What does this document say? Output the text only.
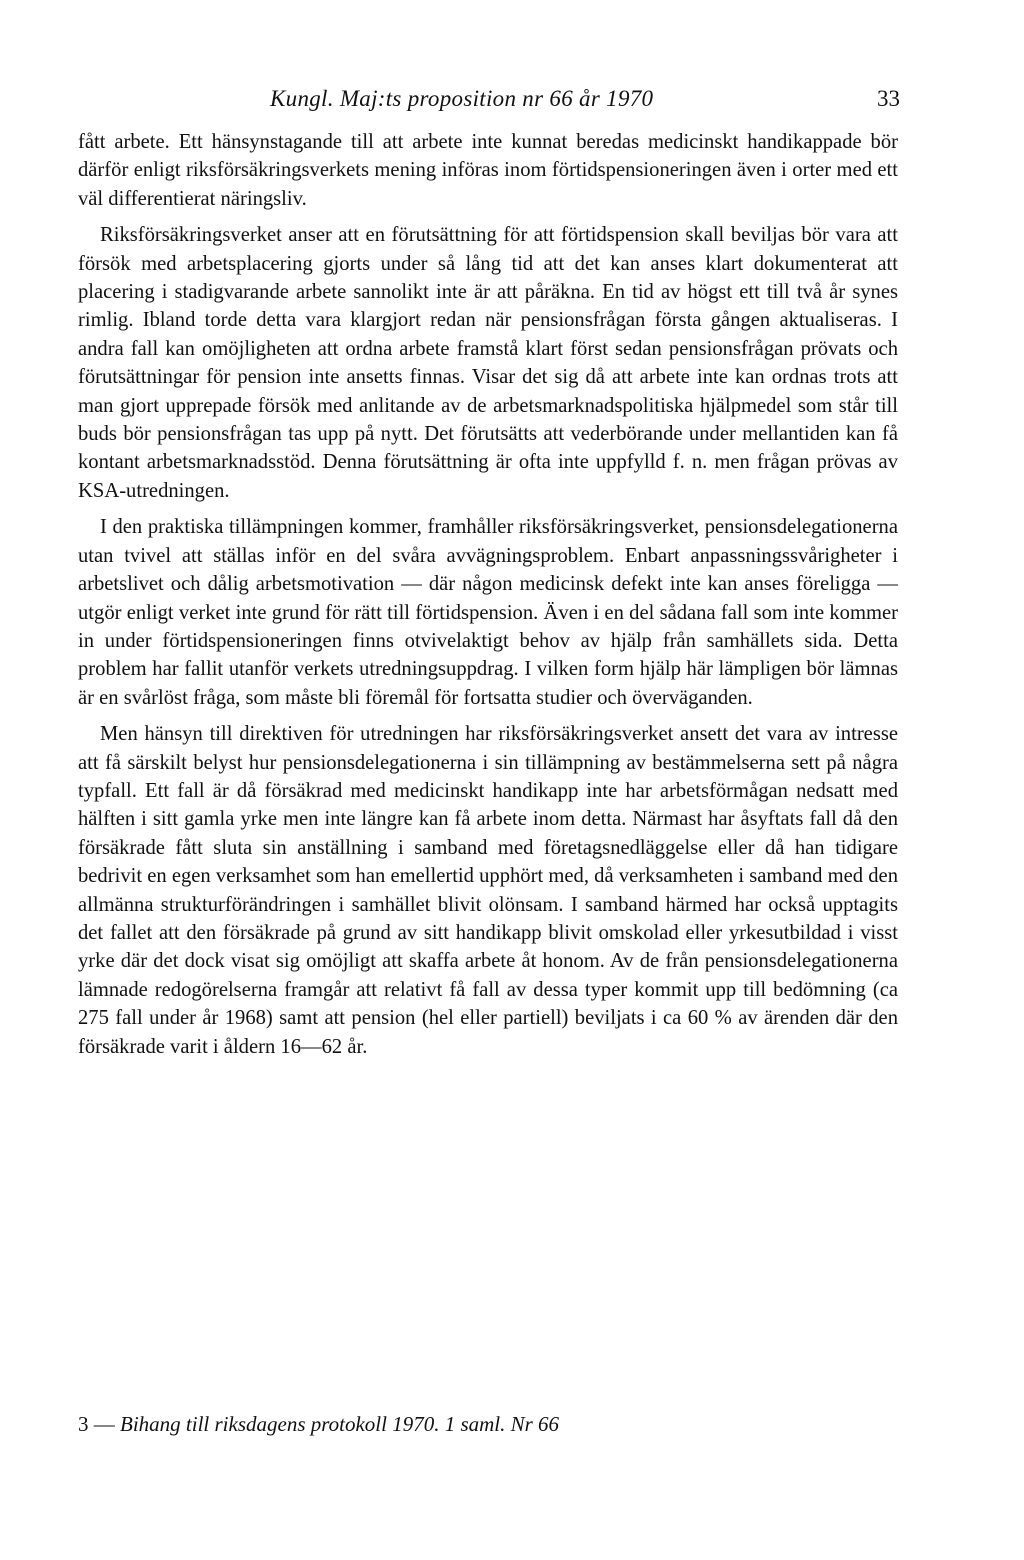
Kungl. Maj:ts proposition nr 66 år 1970	33

fått arbete. Ett hänsynstagande till att arbete inte kunnat beredas medicinskt handikappade bör därför enligt riksförsäkringsverkets mening införas inom förtidspensioneringen även i orter med ett väl differentierat näringsliv.

Riksförsäkringsverket anser att en förutsättning för att förtidspension skall beviljas bör vara att försök med arbetsplacering gjorts under så lång tid att det kan anses klart dokumenterat att placering i stadigvarande arbete sannolikt inte är att påräkna. En tid av högst ett till två år synes rimlig. Ibland torde detta vara klargjort redan när pensionsfrågan första gången aktualiseras. I andra fall kan omöjligheten att ordna arbete framstå klart först sedan pensionsfrågan prövats och förutsättningar för pension inte ansetts finnas. Visar det sig då att arbete inte kan ordnas trots att man gjort upprepade försök med anlitande av de arbetsmarknadspolitiska hjälpmedel som står till buds bör pensionsfrågan tas upp på nytt. Det förutsätts att vederbörande under mellantiden kan få kontant arbetsmarknadsstöd. Denna förutsättning är ofta inte uppfylld f. n. men frågan prövas av KSA-utredningen.

I den praktiska tillämpningen kommer, framhåller riksförsäkringsverket, pensionsdelegationerna utan tvivel att ställas inför en del svåra avvägningsproblem. Enbart anpassningssvårigheter i arbetslivet och dålig arbetsmotivation — där någon medicinsk defekt inte kan anses föreligga — utgör enligt verket inte grund för rätt till förtidspension. Även i en del sådana fall som inte kommer in under förtidspensioneringen finns otvivelaktigt behov av hjälp från samhällets sida. Detta problem har fallit utanför verkets utredningsuppdrag. I vilken form hjälp här lämpligen bör lämnas är en svårlöst fråga, som måste bli föremål för fortsatta studier och överväganden.

Men hänsyn till direktiven för utredningen har riksförsäkringsverket ansett det vara av intresse att få särskilt belyst hur pensionsdelegationerna i sin tillämpning av bestämmelserna sett på några typfall. Ett fall är då försäkrad med medicinskt handikapp inte har arbetsförmågan nedsatt med hälften i sitt gamla yrke men inte längre kan få arbete inom detta. Närmast har åsyftats fall då den försäkrade fått sluta sin anställning i samband med företagsnedläggelse eller då han tidigare bedrivit en egen verksamhet som han emellertid upphört med, då verksamheten i samband med den allmänna strukturförändringen i samhället blivit olönsam. I samband härmed har också upptagits det fallet att den försäkrade på grund av sitt handikapp blivit omskolad eller yrkesutbildad i visst yrke där det dock visat sig omöjligt att skaffa arbete åt honom. Av de från pensionsdelegationerna lämnade redogörelserna framgår att relativt få fall av dessa typer kommit upp till bedömning (ca 275 fall under år 1968) samt att pension (hel eller partiell) beviljats i ca 60 % av ärenden där den försäkrade varit i åldern 16—62 år.

3 — Bihang till riksdagens protokoll 1970. 1 saml. Nr 66
